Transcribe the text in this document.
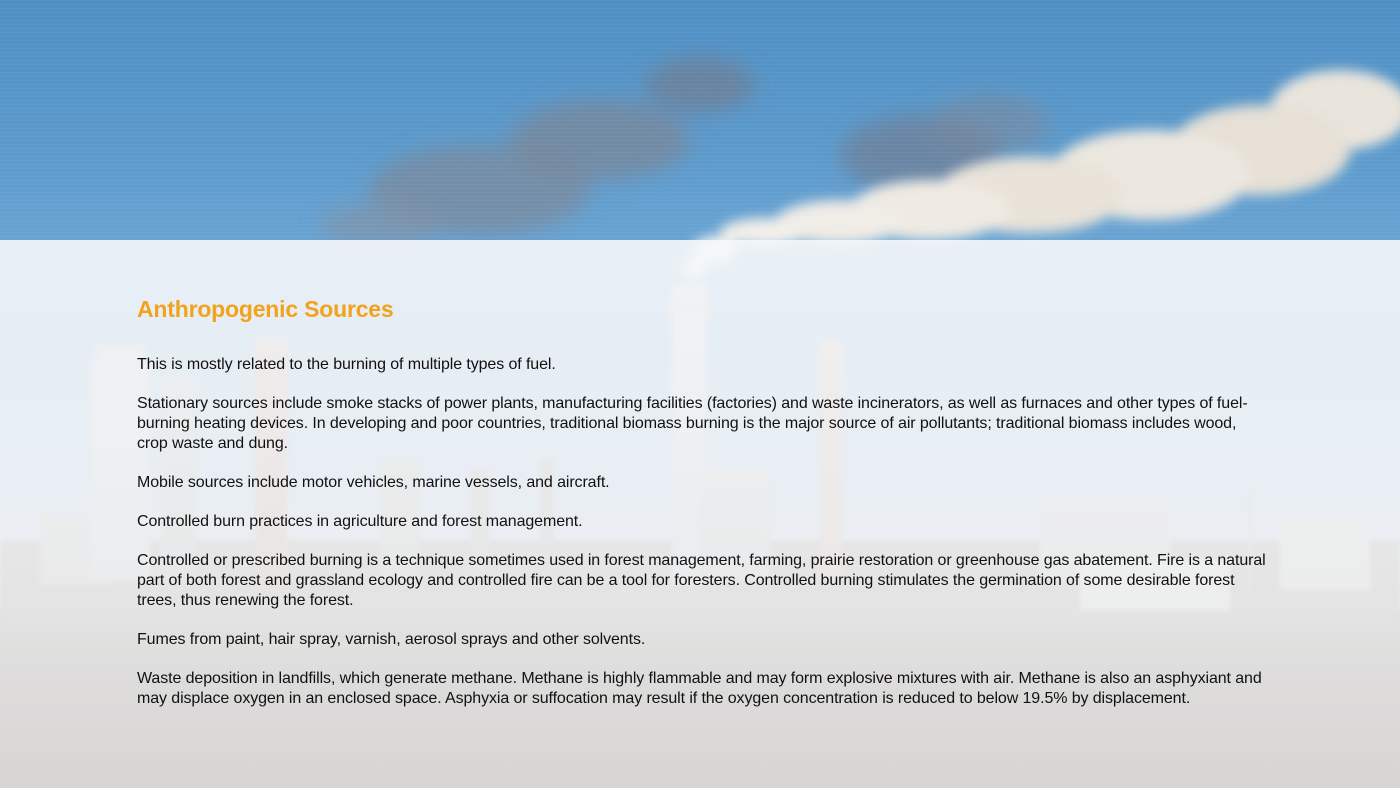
Anthropogenic Sources

This is mostly related to the burning of multiple types of fuel.

Stationary sources include smoke stacks of power plants, manufacturing facilities (factories) and waste incinerators, as well as furnaces and other types of fuel-burning heating devices. In developing and poor countries, traditional biomass burning is the major source of air pollutants; traditional biomass includes wood, crop waste and dung.

Mobile sources include motor vehicles, marine vessels, and aircraft.

Controlled burn practices in agriculture and forest management.

Controlled or prescribed burning is a technique sometimes used in forest management, farming, prairie restoration or greenhouse gas abatement. Fire is a natural part of both forest and grassland ecology and controlled fire can be a tool for foresters. Controlled burning stimulates the germination of some desirable forest trees, thus renewing the forest.

Fumes from paint, hair spray, varnish, aerosol sprays and other solvents.

Waste deposition in landfills, which generate methane. Methane is highly flammable and may form explosive mixtures with air. Methane is also an asphyxiant and may displace oxygen in an enclosed space. Asphyxia or suffocation may result if the oxygen concentration is reduced to below 19.5% by displacement.
